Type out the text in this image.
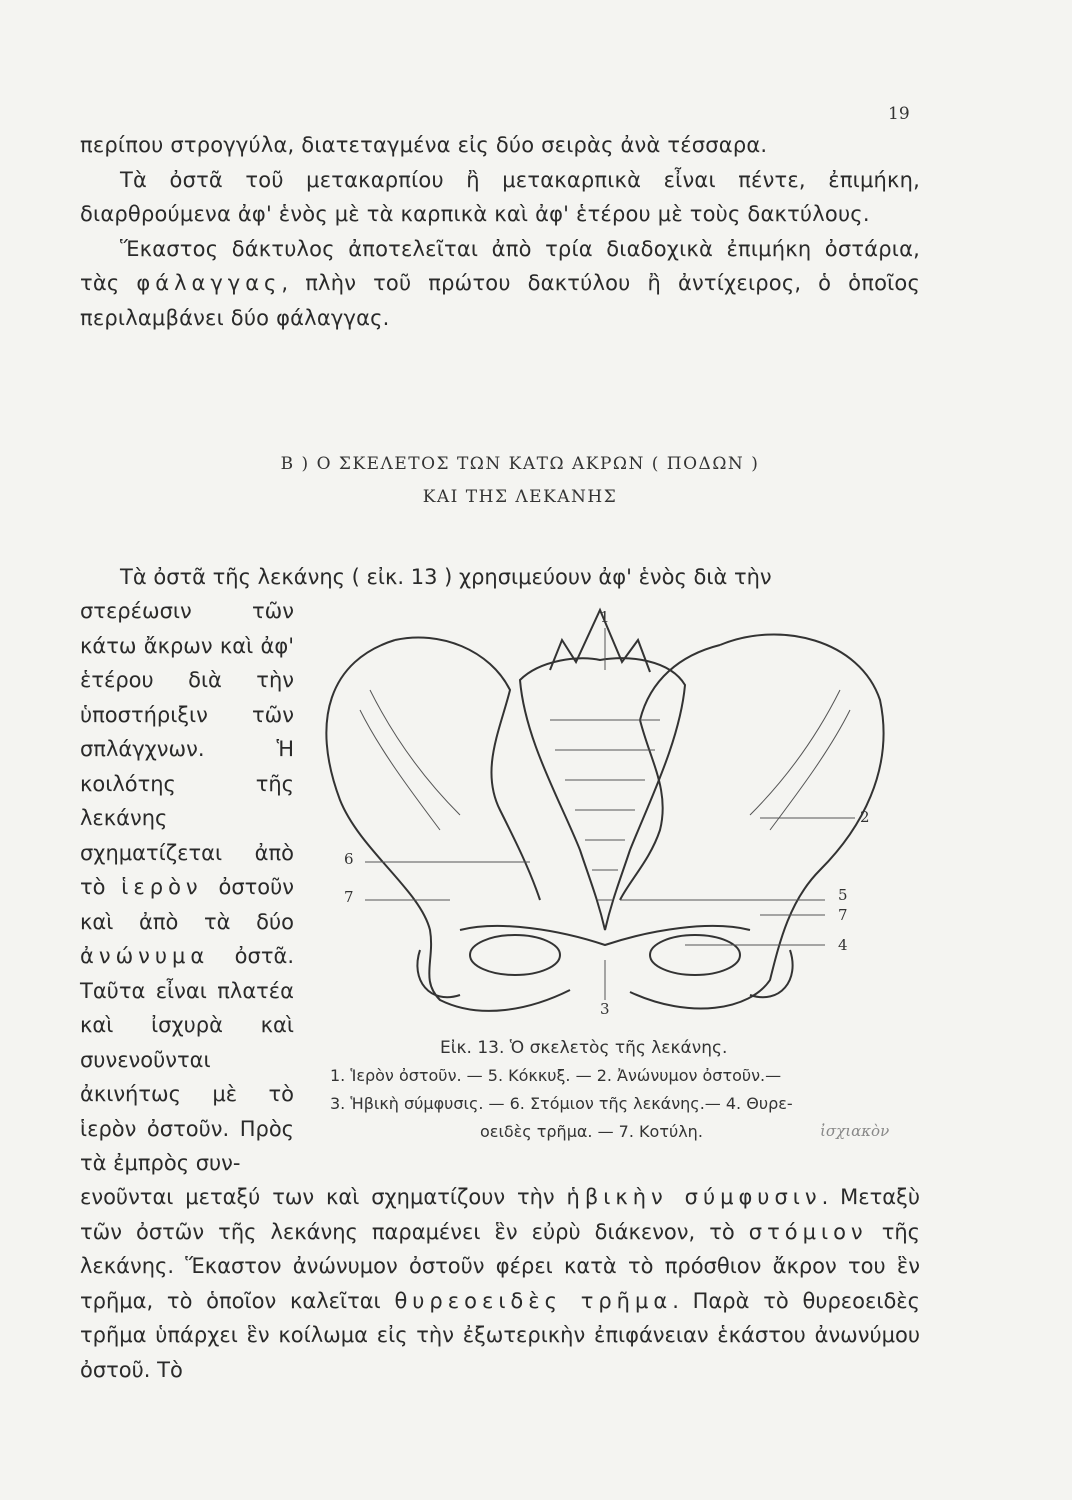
19

περίπου στρογγύλα, διατεταγμένα εἰς δύο σειρὰς ἀνὰ τέσσαρα.
Τὰ ὀστᾶ τοῦ μετακαρπίου ἢ μετακαρπικὰ εἶναι πέντε, ἐπιμήκη, διαρθρούμενα ἀφ' ἑνὸς μὲ τὰ καρπικὰ καὶ ἀφ' ἑτέρου μὲ τοὺς δακτύλους.
Ἕκαστος δάκτυλος ἀποτελεῖται ἀπὸ τρία διαδοχικὰ ἐπιμήκη ὀστάρια, τὰς φάλαγγας, πλὴν τοῦ πρώτου δακτύλου ἢ ἀντίχειρος, ὁ ὁποῖος περιλαμβάνει δύο φάλαγγας.

Β ) Ο ΣΚΕΛΕΤΟΣ ΤΩΝ ΚΑΤΩ ΑΚΡΩΝ ( ΠΟΔΩΝ )
ΚΑΙ ΤΗΣ ΛΕΚΑΝΗΣ
Τὰ ὀστᾶ τῆς λεκάνης ( εἰκ. 13 ) χρησιμεύουν ἀφ' ἑνὸς διὰ τὴν

στερέωσιν τῶν κάτω ἄκρων καὶ ἀφ' ἑτέρου διὰ τὴν ὑποστήριξιν τῶν σπλάγχνων. Ἡ κοιλότης τῆς λεκάνης σχηματίζεται ἀπὸ τὸ ἱερὸν ὀστοῦν καὶ ἀπὸ τὰ δύο ἀνώνυμα ὀστᾶ. Ταῦτα εἶναι πλατέα καὶ ἰσχυρὰ καὶ συνενοῦνται ἀκινήτως μὲ τὸ ἱερὸν ὀστοῦν. Πρὸς τὰ ἐμπρὸς συν-

1
2
3
4
5
6
7
7
Εἰκ. 13. Ὁ σκελετὸς τῆς λεκάνης.
1. Ἱερὸν ὀστοῦν. — 5. Κόκκυξ. — 2. Ἀνώνυμον ὀστοῦν.—
3. Ἡβικὴ σύμφυσις. — 6. Στόμιον τῆς λεκάνης.— 4. Θυρε-
οειδὲς τρῆμα. — 7. Κοτύλη.	ἰσχιακὸν

ενοῦνται μεταξύ των καὶ σχηματίζουν τὴν ἡβικὴν σύμφυσιν. Μεταξὺ τῶν ὀστῶν τῆς λεκάνης παραμένει ἓν εὐρὺ διάκενον, τὸ στόμιον τῆς λεκάνης. Ἕκαστον ἀνώνυμον ὀστοῦν φέρει κατὰ τὸ πρόσθιον ἄκρον του ἓν τρῆμα, τὸ ὁποῖον καλεῖται θυρεοειδὲς τρῆμα. Παρὰ τὸ θυρεοειδὲς τρῆμα ὑπάρχει ἓν κοίλωμα εἰς τὴν ἐξωτερικὴν ἐπιφάνειαν ἑκάστου ἀνωνύμου ὀστοῦ. Τὸ
